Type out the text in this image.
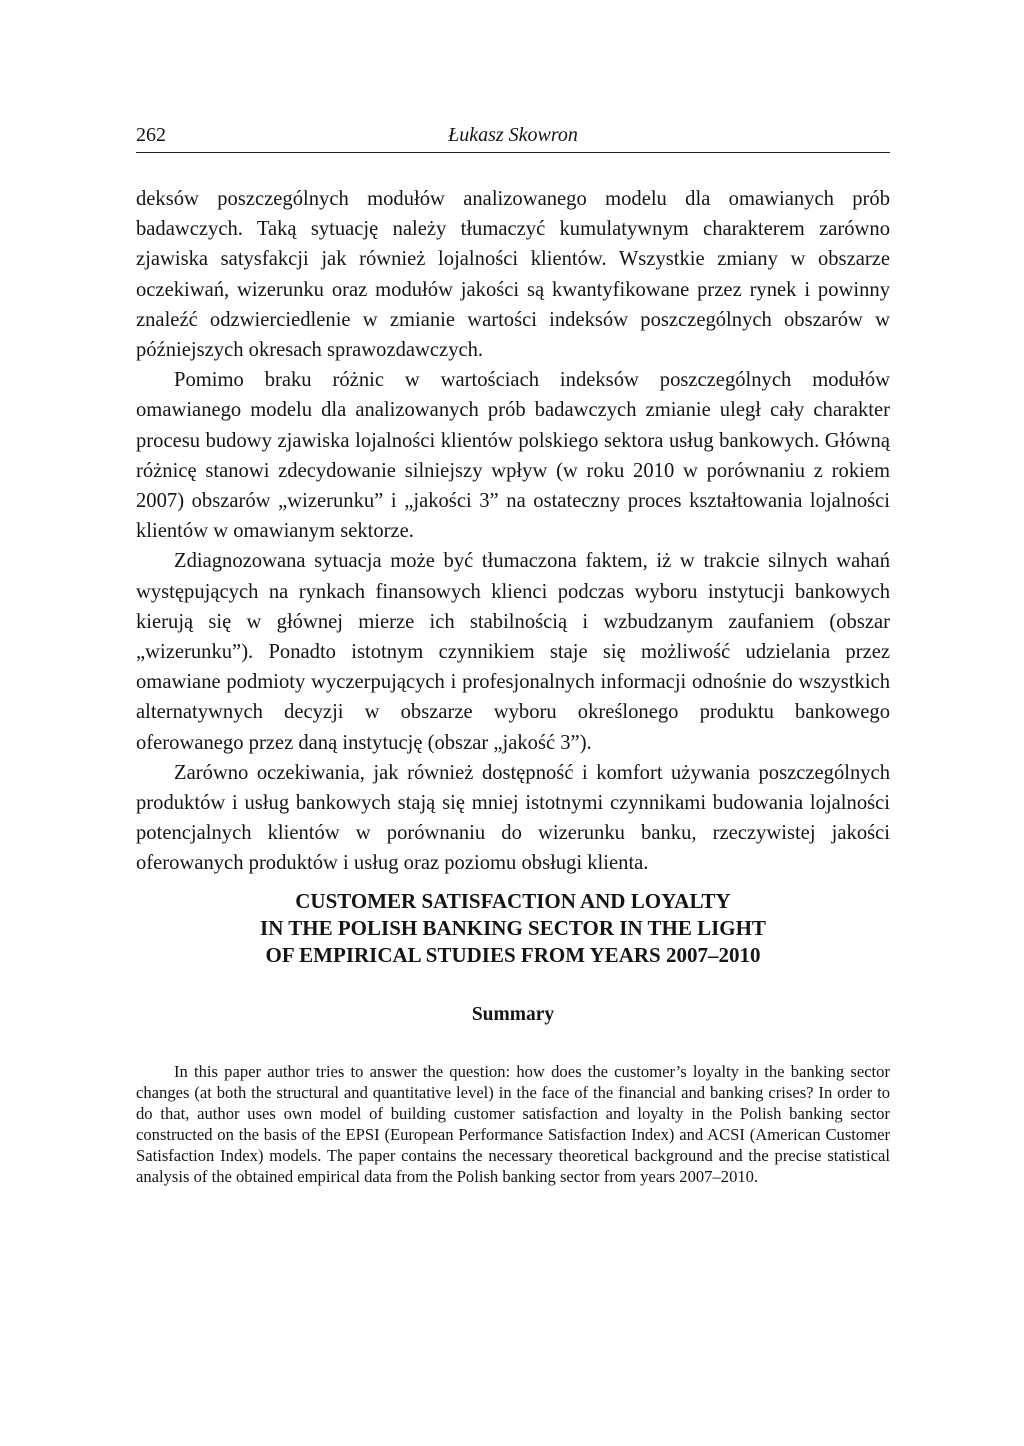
262	Łukasz Skowron

deksów poszczególnych modułów analizowanego modelu dla omawianych prób badawczych. Taką sytuację należy tłumaczyć kumulatywnym charakterem zarówno zjawiska satysfakcji jak również lojalności klientów. Wszystkie zmiany w obszarze oczekiwań, wizerunku oraz modułów jakości są kwantyfikowane przez rynek i powinny znaleźć odzwierciedlenie w zmianie wartości indeksów poszczególnych obszarów w późniejszych okresach sprawozdawczych.

Pomimo braku różnic w wartościach indeksów poszczególnych modułów omawianego modelu dla analizowanych prób badawczych zmianie uległ cały charakter procesu budowy zjawiska lojalności klientów polskiego sektora usług bankowych. Główną różnicę stanowi zdecydowanie silniejszy wpływ (w roku 2010 w porównaniu z rokiem 2007) obszarów „wizerunku” i „jakości 3” na ostateczny proces kształtowania lojalności klientów w omawianym sektorze.

Zdiagnozowana sytuacja może być tłumaczona faktem, iż w trakcie silnych wahań występujących na rynkach finansowych klienci podczas wyboru instytucji bankowych kierują się w głównej mierze ich stabilnością i wzbudzanym zaufaniem (obszar „wizerunku”). Ponadto istotnym czynnikiem staje się możliwość udzielania przez omawiane podmioty wyczerpujących i profesjonalnych informacji odnośnie do wszystkich alternatywnych decyzji w obszarze wyboru określonego produktu bankowego oferowanego przez daną instytucję (obszar „jakość 3”).

Zarówno oczekiwania, jak również dostępność i komfort używania poszczególnych produktów i usług bankowych stają się mniej istotnymi czynnikami budowania lojalności potencjalnych klientów w porównaniu do wizerunku banku, rzeczywistej jakości oferowanych produktów i usług oraz poziomu obsługi klienta.

CUSTOMER SATISFACTION AND LOYALTY
IN THE POLISH BANKING SECTOR IN THE LIGHT
OF EMPIRICAL STUDIES FROM YEARS 2007–2010
Summary

In this paper author tries to answer the question: how does the customer’s loyalty in the banking sector changes (at both the structural and quantitative level) in the face of the financial and banking crises? In order to do that, author uses own model of building customer satisfaction and loyalty in the Polish banking sector constructed on the basis of the EPSI (European Performance Satisfaction Index) and ACSI (American Customer Satisfaction Index) models. The paper contains the necessary theoretical background and the precise statistical analysis of the obtained empirical data from the Polish banking sector from years 2007–2010.
